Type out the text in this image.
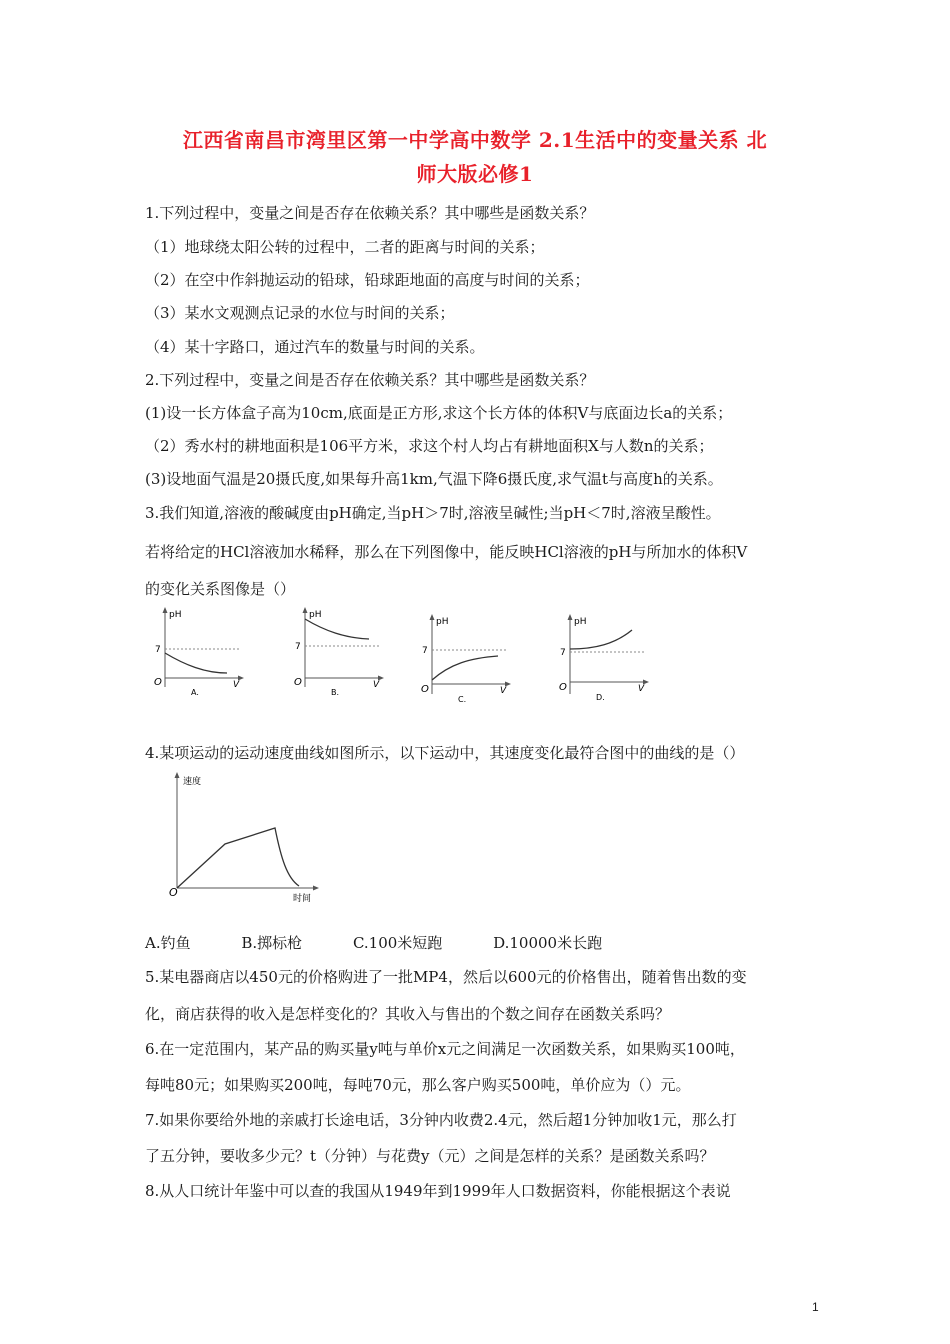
江西省南昌市湾里区第一中学高中数学 2.1生活中的变量关系 北
师大版必修1
1.下列过程中，变量之间是否存在依赖关系？其中哪些是函数关系？
（1）地球绕太阳公转的过程中，二者的距离与时间的关系；
（2）在空中作斜抛运动的铅球，铅球距地面的高度与时间的关系；
（3）某水文观测点记录的水位与时间的关系；
（4）某十字路口，通过汽车的数量与时间的关系。
2.下列过程中，变量之间是否存在依赖关系？其中哪些是函数关系？
(1)设一长方体盒子高为10cm,底面是正方形,求这个长方体的体积V与底面边长a的关系；
（2）秀水村的耕地面积是106平方米，求这个村人均占有耕地面积X与人数n的关系；
(3)设地面气温是20摄氏度,如果每升高1km,气温下降6摄氏度,求气温t与高度h的关系。
3.我们知道,溶液的酸碱度由pH确定,当pH＞7时,溶液呈碱性;当pH＜7时,溶液呈酸性。
若将给定的HCl溶液加水稀释，那么在下列图像中，能反映HCl溶液的pH与所加水的体积V
的变化关系图像是（）
pH
7
O	V
A.
pH
7
O	V
B.
pH
7
O	V
C.
pH
7
O	V
D.
4.某项运动的运动速度曲线如图所示，以下运动中，其速度变化最符合图中的曲线的是（）
速度
O	时间
A.钓鱼	B.掷标枪	C.100米短跑	D.10000米长跑
5.某电器商店以450元的价格购进了一批MP4，然后以600元的价格售出，随着售出数的变
化，商店获得的收入是怎样变化的？其收入与售出的个数之间存在函数关系吗？
6.在一定范围内，某产品的购买量y吨与单价x元之间满足一次函数关系，如果购买100吨，
每吨80元；如果购买200吨，每吨70元，那么客户购买500吨，单价应为（）元。
7.如果你要给外地的亲戚打长途电话，3分钟内收费2.4元，然后超1分钟加收1元，那么打
了五分钟，要收多少元？t（分钟）与花费y（元）之间是怎样的关系？是函数关系吗？
8.从人口统计年鉴中可以查的我国从1949年到1999年人口数据资料，你能根据这个表说
1
